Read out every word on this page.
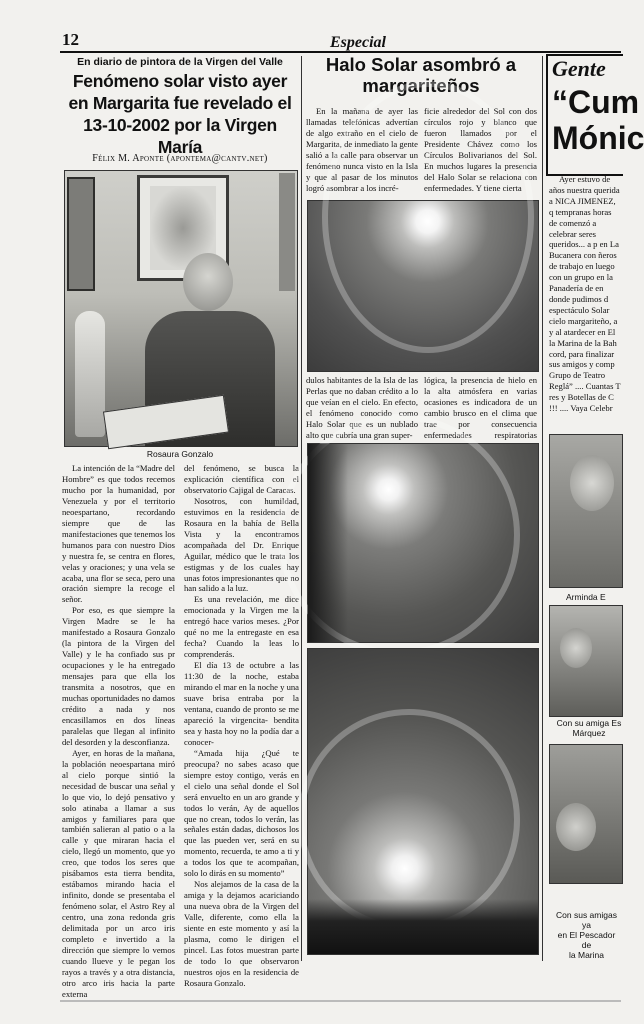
12	Especial
En diario de pintora de la Virgen del Valle
Fenómeno solar visto ayer en Margarita fue revelado el 13-10-2002 por la Virgen María
Félix M. Aponte (apontema@cantv.net)
Rosaura Gonzalo

La intención de la “Madre del Hombre” es que todos recemos mucho por la humanidad, por Venezuela y por el territorio neoespartano, recordando siempre que de las manifestaciones que tenemos los humanos para con nuestro Dios y nuestra fe, se centra en flores, velas y oraciones; y una vela se acaba, una flor se seca, pero una oración siempre la recoge el señor.

Por eso, es que siempre la Virgen Madre se le ha manifestado a Rosaura Gonzalo (la pintora de la Virgen del Valle) y le ha confiado sus pr ocupaciones y le ha entregado mensajes para que ella los transmita a nosotros, que en muchas oportunidades no damos crédito a nada y nos encasillamos en dos líneas paralelas que llegan al infinito del desorden y la desconfianza.

Ayer, en horas de la mañana, la población neoespartana miró al cielo porque sintió la necesidad de buscar una señal y lo que vio, lo dejó pensativo y solo atinaba a llamar a sus amigos y familiares para que también salieran al patio o a la calle y que miraran hacia el cielo, llegó un momento, que yo creo, que todos los seres que pisábamos esta tierra bendita, estábamos mirando hacia el infinito, donde se presentaba el fenómeno solar, el Astro Rey al centro, una zona redonda gris delimitada por un arco iris completo e invertido a la dirección que siempre lo vemos cuando llueve y le pegan los rayos a través y a otra distancia, otro arco iris hacia la parte externa

del fenómeno, se busca la explicación científica con el observatorio Cajigal de Caracas.

Nosotros, con humildad, estuvimos en la residencia de Rosaura en la bahía de Bella Vista y la encontramos acompañada del Dr. Enrique Aguilar, médico que le trata los estigmas y de los cuales hay unas fotos impresionantes que no han salido a la luz.

Es una revelación, me dice emocionada y la Virgen me la entregó hace varios meses. ¿Por qué no me la entregaste en esa fecha? Cuando la leas lo comprenderás.

El día 13 de octubre a las 11:30 de la noche, estaba mirando el mar en la noche y una suave brisa entraba por la ventana, cuando de pronto se me apareció la virgencita- bendita sea y hasta hoy no la podía dar a conocer-

“Amada hija ¿Qué te preocupa? no sabes acaso que siempre estoy contigo, verás en el cielo una señal donde el Sol será envuelto en un aro grande y todos lo verán, Ay de aquellos que no crean, todos lo verán, las señales están dadas, dichosos los que las pueden ver, será en su momento, recuerda, te amo a ti y a todos los que te acompañan, solo lo dirás en su momento”

Nos alejamos de la casa de la amiga y la dejamos acariciando una nueva obra de la Virgen del Valle, diferente, como ella la siente en este momento y así la plasma, como le dirigen el pincel. Las fotos muestran parte de todo lo que observaron nuestros ojos en la residencia de Rosaura Gonzalo.

Halo Solar asombró a margariteños
En la mañana de ayer las llamadas telefónicas advertían de algo extraño en el cielo de Margarita, de inmediato la gente salió a la calle para observar un fenómeno nunca visto en la Isla y que al pasar de los minutos logró asombrar a los incré-
ficie alrededor del Sol con dos círculos rojo y blanco que fueron llamados por el Presidente Chávez como los Círculos Bolivarianos del Sol. En muchos lugares la presencia del Halo Solar se relaciona con enfermedades. Y tiene cierta
dulos habitantes de la Isla de las Perlas que no daban crédito a lo que veían en el cielo. En efecto, el fenómeno conocido como Halo Solar que es un nublado alto que cubría una gran super-
lógica, la presencia de hielo en la alta atmósfera en varias ocasiones es indicadora de un cambio brusco en el clima que trae por consecuencia enfermedades respiratorias
Gente
“Cum
Mónic

Ayer estuvo de años nuestra querida a NICA JIMENEZ, q tempranas horas de comenzó a celebrar seres queridos... a p en La Bucanera con ñeros de trabajo en luego con un grupo en la Panadería de en donde pudimos d espectáculo Solar cielo margariteño, a y al atardecer en El la Marina de la Bah cord, para finalizar sus amigos y comp Grupo de Teatro Reglá” .... Cuantas T res y Botellas de C !!! .... Vaya Celebr

Arminda E
Con su amiga Es
Márquez
Con sus amigas ya
en El Pescador de
la Marina
